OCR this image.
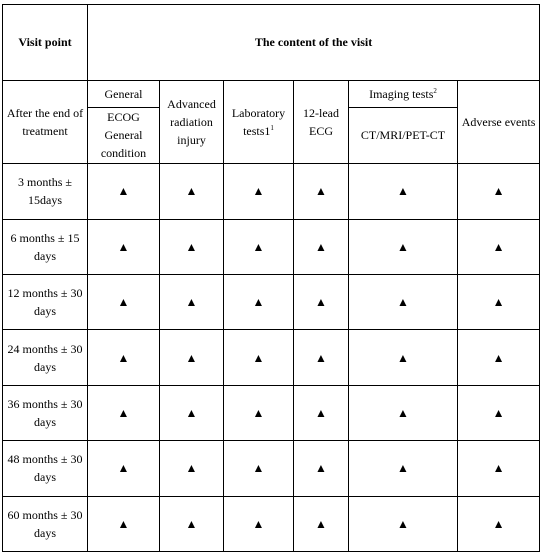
Visit point	The content of the visit					
After the end of treatment	General	Advanced radiation injury	Laboratory $tests1^1$	12-lead ECG	Imaging tests$^2$	Adverse events
	ECOG General condition				CT/MRI/PET-CT	
3 months ± 15days	▲	▲	▲	▲	▲	▲
6 months ± 15 days	▲	▲	▲	▲	▲	▲
12 months ± 30 days	▲	▲	▲	▲	▲	▲
24 months ± 30 days	▲	▲	▲	▲	▲	▲
36 months ± 30 days	▲	▲	▲	▲	▲	▲
48 months ± 30 days	▲	▲	▲	▲	▲	▲
60 months ± 30 days	▲	▲	▲	▲	▲	▲
